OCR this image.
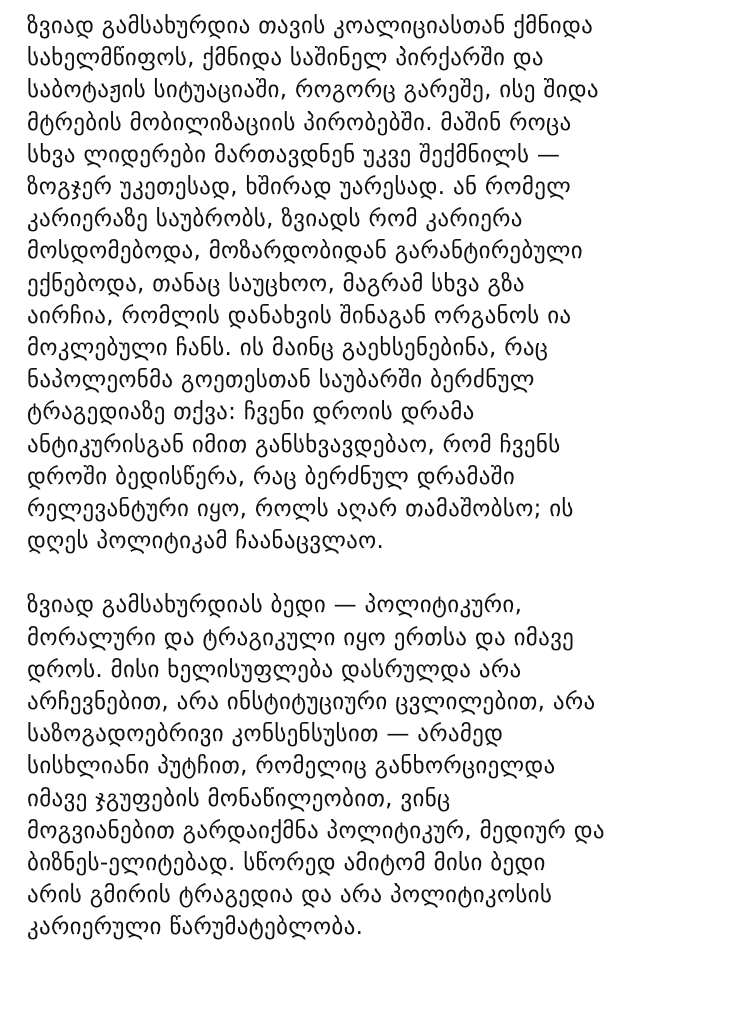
ზვიად გამსახურდია თავის კოალიციასთან ქმნიდა
სახელმწიფოს, ქმნიდა საშინელ პირქარში და
საბოტაჟის სიტუაციაში, როგორც გარეშე, ისე შიდა
მტრების მობილიზაციის პირობებში. მაშინ როცა
სხვა ლიდერები მართავდნენ უკვე შექმნილს —
ზოგჯერ უკეთესად, ხშირად უარესად. ან რომელ
კარიერაზე საუბრობს, ზვიადს რომ კარიერა
მოსდომებოდა, მოზარდობიდან გარანტირებული
ექნებოდა, თანაც საუცხოო, მაგრამ სხვა გზა
აირჩია, რომლის დანახვის შინაგან ორგანოს ია
მოკლებული ჩანს. ის მაინც გაეხსენებინა, რაც
ნაპოლეონმა გოეთესთან საუბარში ბერძნულ
ტრაგედიაზე თქვა: ჩვენი დროის დრამა
ანტიკურისგან იმით განსხვავდებაო, რომ ჩვენს
დროში ბედისწერა, რაც ბერძნულ დრამაში
რელევანტური იყო, როლს აღარ თამაშობსო; ის
დღეს პოლიტიკამ ჩაანაცვლაო.
ზვიად გამსახურდიას ბედი — პოლიტიკური,
მორალური და ტრაგიკული იყო ერთსა და იმავე
დროს. მისი ხელისუფლება დასრულდა არა
არჩევნებით, არა ინსტიტუციური ცვლილებით, არა
საზოგადოებრივი კონსენსუსით — არამედ
სისხლიანი პუტჩით, რომელიც განხორციელდა
იმავე ჯგუფების მონაწილეობით, ვინც
მოგვიანებით გარდაიქმნა პოლიტიკურ, მედიურ და
ბიზნეს-ელიტებად. სწორედ ამიტომ მისი ბედი
არის გმირის ტრაგედია და არა პოლიტიკოსის
კარიერული წარუმატებლობა.
